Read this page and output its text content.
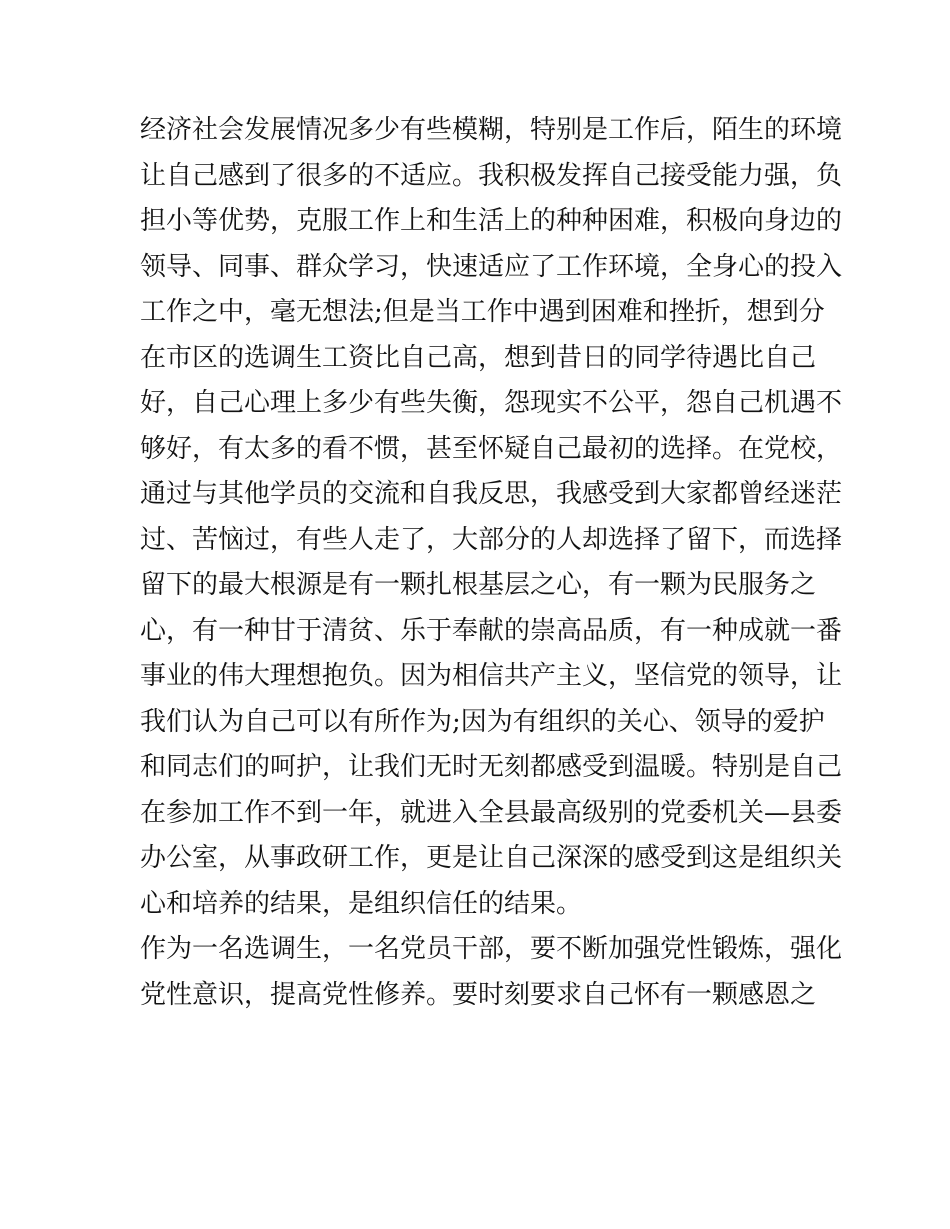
经济社会发展情况多少有些模糊，特别是工作后，陌生的环境
让自己感到了很多的不适应。我积极发挥自己接受能力强，负
担小等优势，克服工作上和生活上的种种困难，积极向身边的
领导、同事、群众学习，快速适应了工作环境，全身心的投入
工作之中，毫无想法;但是当工作中遇到困难和挫折，想到分
在市区的选调生工资比自己高，想到昔日的同学待遇比自己
好，自己心理上多少有些失衡，怨现实不公平，怨自己机遇不
够好，有太多的看不惯，甚至怀疑自己最初的选择。在党校，
通过与其他学员的交流和自我反思，我感受到大家都曾经迷茫
过、苦恼过，有些人走了，大部分的人却选择了留下，而选择
留下的最大根源是有一颗扎根基层之心，有一颗为民服务之
心，有一种甘于清贫、乐于奉献的崇高品质，有一种成就一番
事业的伟大理想抱负。因为相信共产主义，坚信党的领导，让
我们认为自己可以有所作为;因为有组织的关心、领导的爱护
和同志们的呵护，让我们无时无刻都感受到温暖。特别是自己
在参加工作不到一年，就进入全县最高级别的党委机关—县委
办公室，从事政研工作，更是让自己深深的感受到这是组织关
心和培养的结果，是组织信任的结果。
作为一名选调生，一名党员干部，要不断加强党性锻炼，强化
党性意识，提高党性修养。要时刻要求自己怀有一颗感恩之
